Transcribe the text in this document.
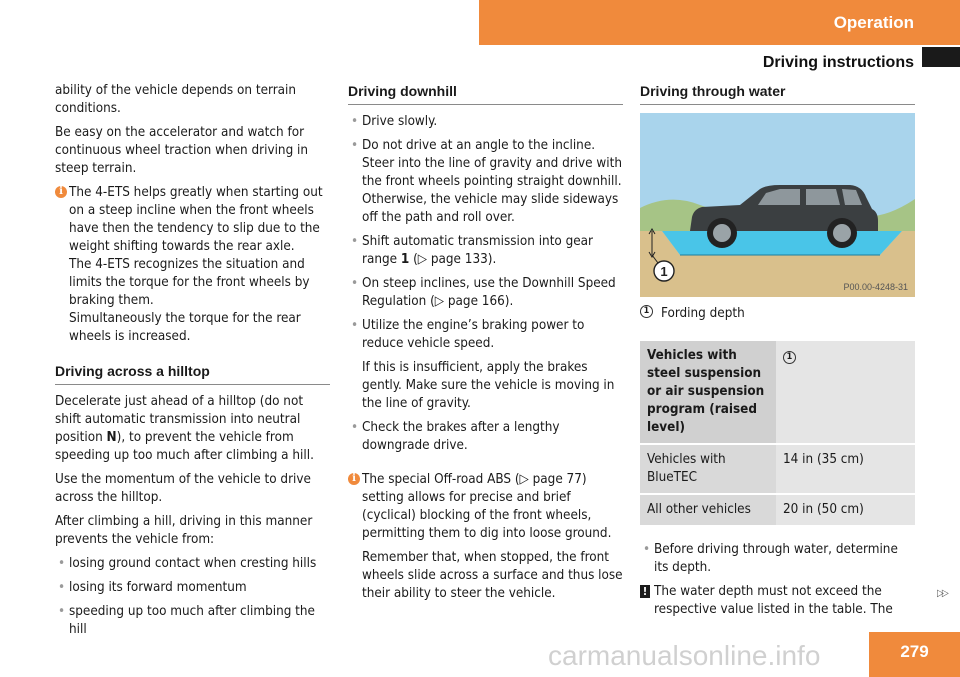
Operation
Driving instructions

ability of the vehicle depends on terrain conditions.

Be easy on the accelerator and watch for continuous wheel traction when driving in steep terrain.

i The 4-ETS helps greatly when starting out on a steep incline when the front wheels have then the tendency to slip due to the weight shifting towards the rear axle.
The 4-ETS recognizes the situation and limits the torque for the front wheels by braking them.
Simultaneously the torque for the rear wheels is increased.
Driving across a hilltop

Decelerate just ahead of a hilltop (do not shift automatic transmission into neutral position N), to prevent the vehicle from speeding up too much after climbing a hill.

Use the momentum of the vehicle to drive across the hilltop.

After climbing a hill, driving in this manner prevents the vehicle from:

• losing ground contact when cresting hills
• losing its forward momentum
• speeding up too much after climbing the hill
Driving downhill
• Drive slowly.
• Do not drive at an angle to the incline. Steer into the line of gravity and drive with the front wheels pointing straight downhill. Otherwise, the vehicle may slide sideways off the path and roll over.
• Shift automatic transmission into gear range 1 (▷ page 133).
• On steep inclines, use the Downhill Speed Regulation (▷ page 166).
• Utilize the engine’s braking power to reduce vehicle speed.
If this is insufficient, apply the brakes gently. Make sure the vehicle is moving in the line of gravity.
• Check the brakes after a lengthy downgrade drive.
i The special Off-road ABS (▷ page 77) setting allows for precise and brief (cyclical) blocking of the front wheels, permitting them to dig into loose ground.

Remember that, when stopped, the front wheels slide across a surface and thus lose their ability to steer the vehicle.

Driving through water
1
P00.00-4248-31
1 Fording depth
Vehicles with steel suspension or air suspension program (raised level)	1
Vehicles with BlueTEC	14 in (35 cm)
All other vehicles	20 in (50 cm)
• Before driving through water, determine its depth.
! The water depth must not exceed the respective value listed in the table. The
▷▷
279
carmanualsonline.info
